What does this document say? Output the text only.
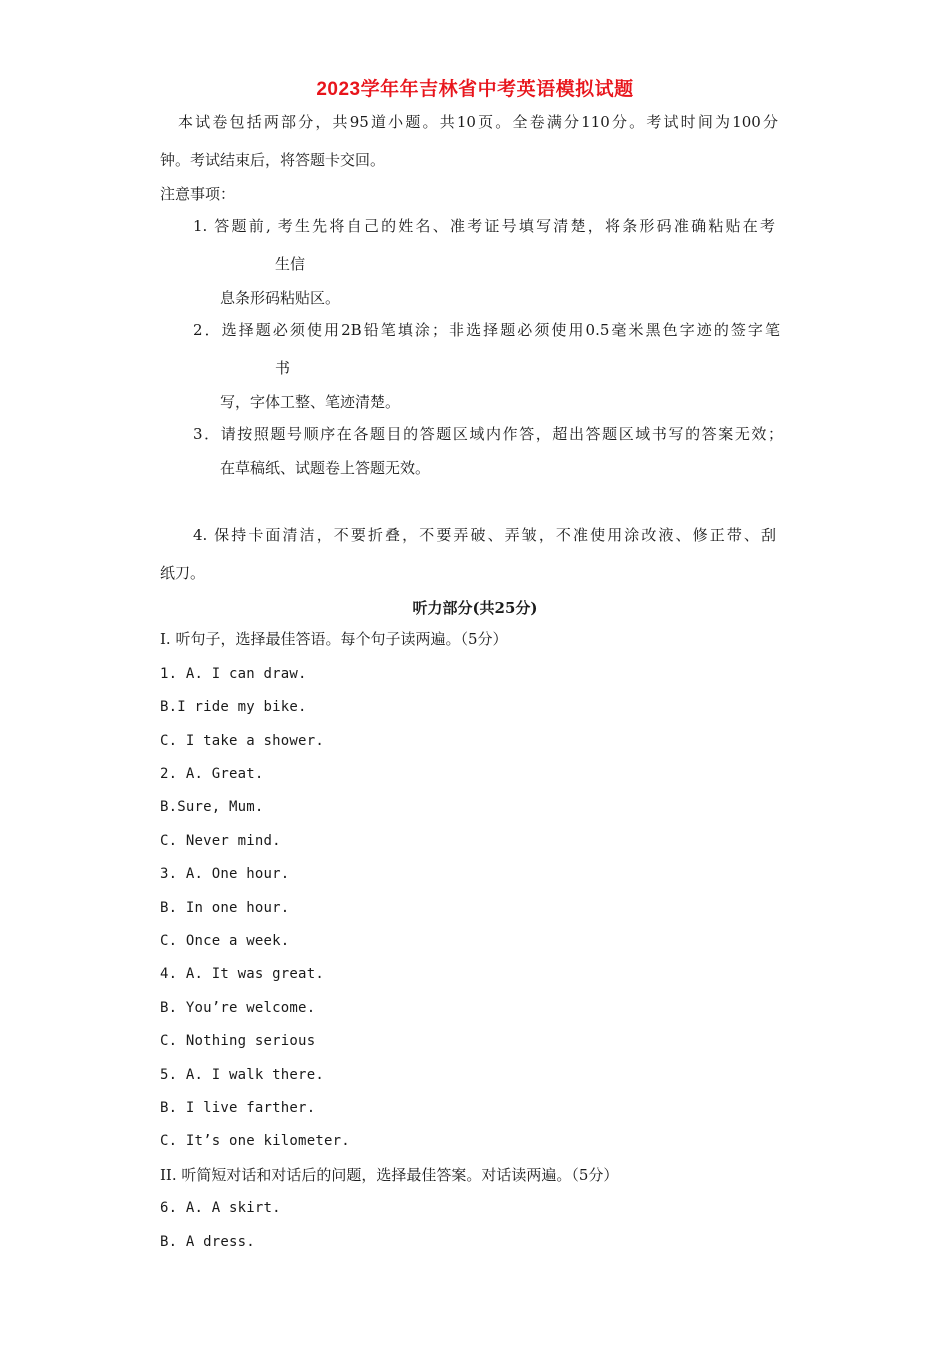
2023学年年吉林省中考英语模拟试题
本试卷包括两部分，共95道小题。共10页。全卷满分110分。考试时间为100分
钟。考试结束后，将答题卡交回。
注意事项：
1. 答题前, 考生先将自己的姓名、准考证号填写清楚，将条形码准确粘贴在考
生信
息条形码粘贴区。
2．选择题必须使用2B铅笔填涂；非选择题必须使用0.5毫米黑色字迹的签字笔
书
写，字体工整、笔迹清楚。
3．请按照题号顺序在各题目的答题区域内作答，超出答题区域书写的答案无效；
在草稿纸、试题卷上答题无效。
4. 保持卡面清洁，不要折叠，不要弄破、弄皱，不准使用涂改液、修正带、刮
纸刀。
听力部分(共25分)
I. 听句子，选择最佳答语。每个句子读两遍。（5分）
1. A. I can draw.
B.I ride my bike.
C. I take a shower.
2. A. Great.
B.Sure, Mum.
C. Never mind.
3. A. One hour.
B. In one hour.
C. Once a week.
4. A. It was great.
B. You’re welcome.
C. Nothing serious
5. A. I walk there.
B. I live farther.
C. It’s one kilometer.
II. 听简短对话和对话后的问题，选择最佳答案。对话读两遍。（5分）
6. A. A skirt.
B. A dress.
